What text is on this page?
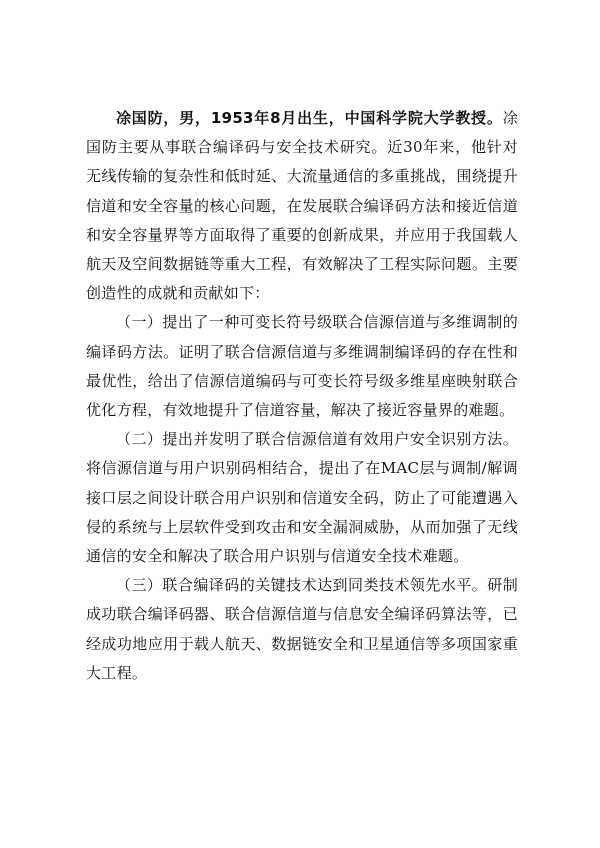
凃国防，男，1953年8月出生，中国科学院大学教授。凃国防主要从事联合编译码与安全技术研究。近30年来，他针对无线传输的复杂性和低时延、大流量通信的多重挑战，围绕提升信道和安全容量的核心问题，在发展联合编译码方法和接近信道和安全容量界等方面取得了重要的创新成果，并应用于我国载人航天及空间数据链等重大工程，有效解决了工程实际问题。主要创造性的成就和贡献如下：

（一）提出了一种可变长符号级联合信源信道与多维调制的编译码方法。证明了联合信源信道与多维调制编译码的存在性和最优性，给出了信源信道编码与可变长符号级多维星座映射联合优化方程，有效地提升了信道容量，解决了接近容量界的难题。

（二）提出并发明了联合信源信道有效用户安全识别方法。将信源信道与用户识别码相结合，提出了在MAC层与调制/解调接口层之间设计联合用户识别和信道安全码，防止了可能遭遇入侵的系统与上层软件受到攻击和安全漏洞威胁，从而加强了无线通信的安全和解决了联合用户识别与信道安全技术难题。

（三）联合编译码的关键技术达到同类技术领先水平。研制成功联合编译码器、联合信源信道与信息安全编译码算法等，已经成功地应用于载人航天、数据链安全和卫星通信等多项国家重大工程。
